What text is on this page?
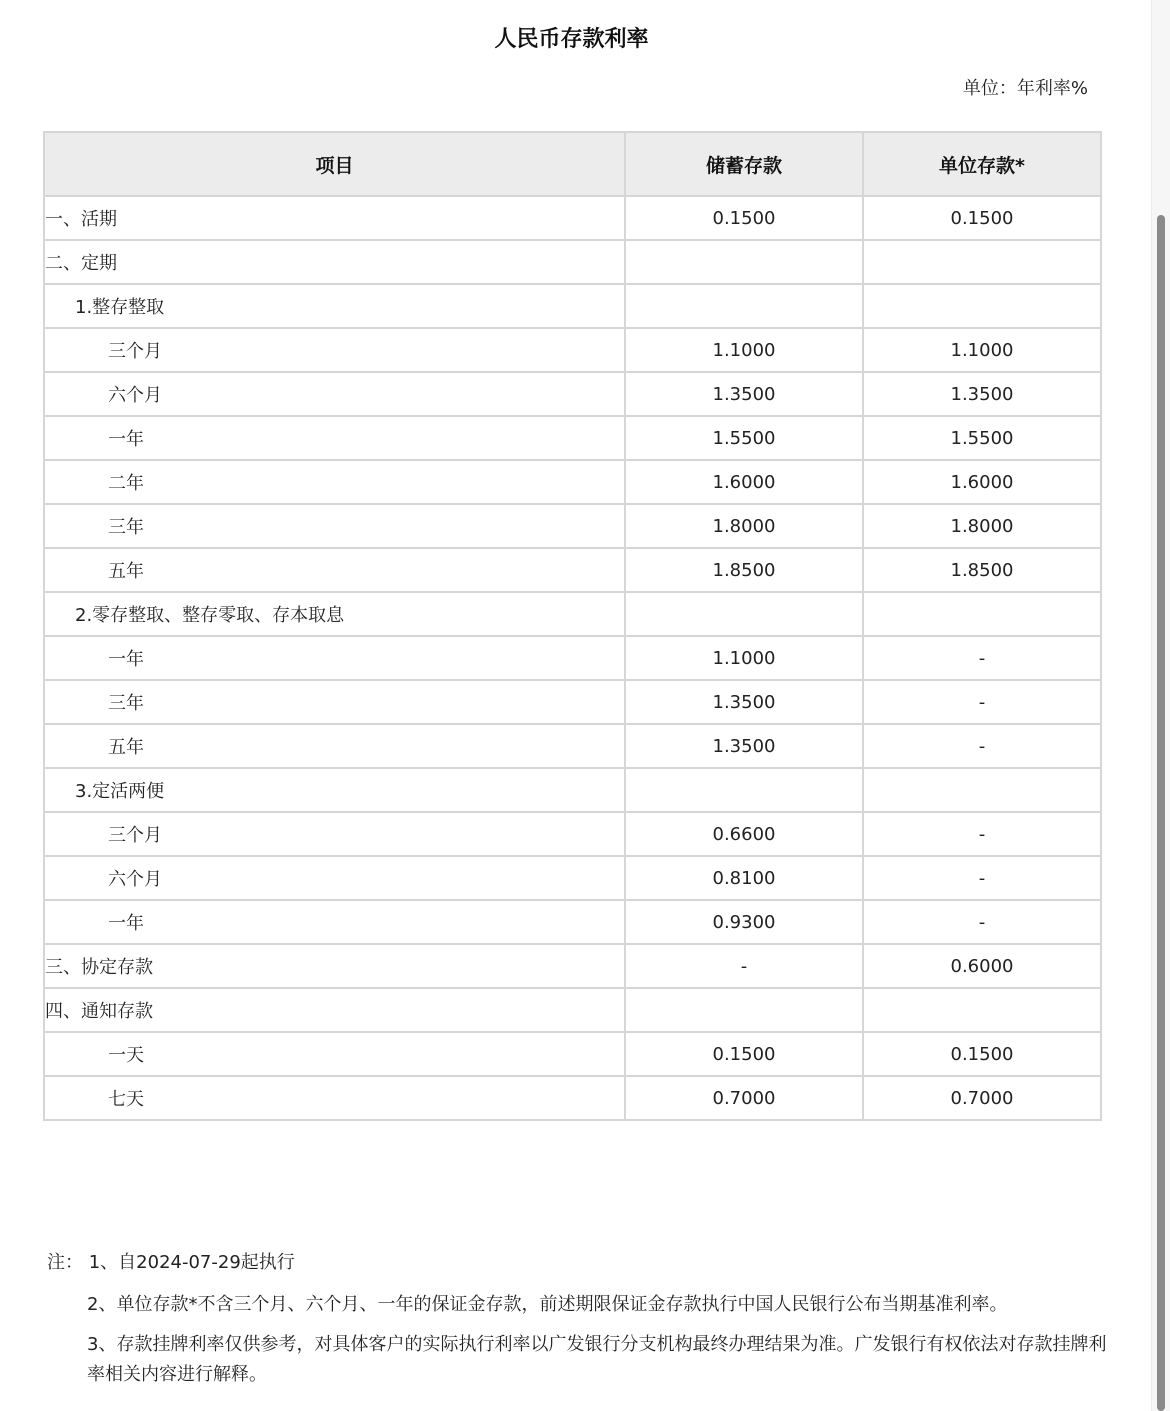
人民币存款利率
单位：年利率%
项目	储蓄存款	单位存款*
一、活期	0.1500	0.1500
二、定期		
1.整存整取		
三个月	1.1000	1.1000
六个月	1.3500	1.3500
一年	1.5500	1.5500
二年	1.6000	1.6000
三年	1.8000	1.8000
五年	1.8500	1.8500
2.零存整取、整存零取、存本取息		
一年	1.1000	-
三年	1.3500	-
五年	1.3500	-
3.定活两便		
三个月	0.6600	-
六个月	0.8100	-
一年	0.9300	-
三、协定存款	-	0.6000
四、通知存款		
一天	0.1500	0.1500
七天	0.7000	0.7000
注： 1、自2024-07-29起执行
2、单位存款*不含三个月、六个月、一年的保证金存款，前述期限保证金存款执行中国人民银行公布当期基准利率。
3、存款挂牌利率仅供参考，对具体客户的实际执行利率以广发银行分支机构最终办理结果为准。广发银行有权依法对存款挂牌利率相关内容进行解释。
